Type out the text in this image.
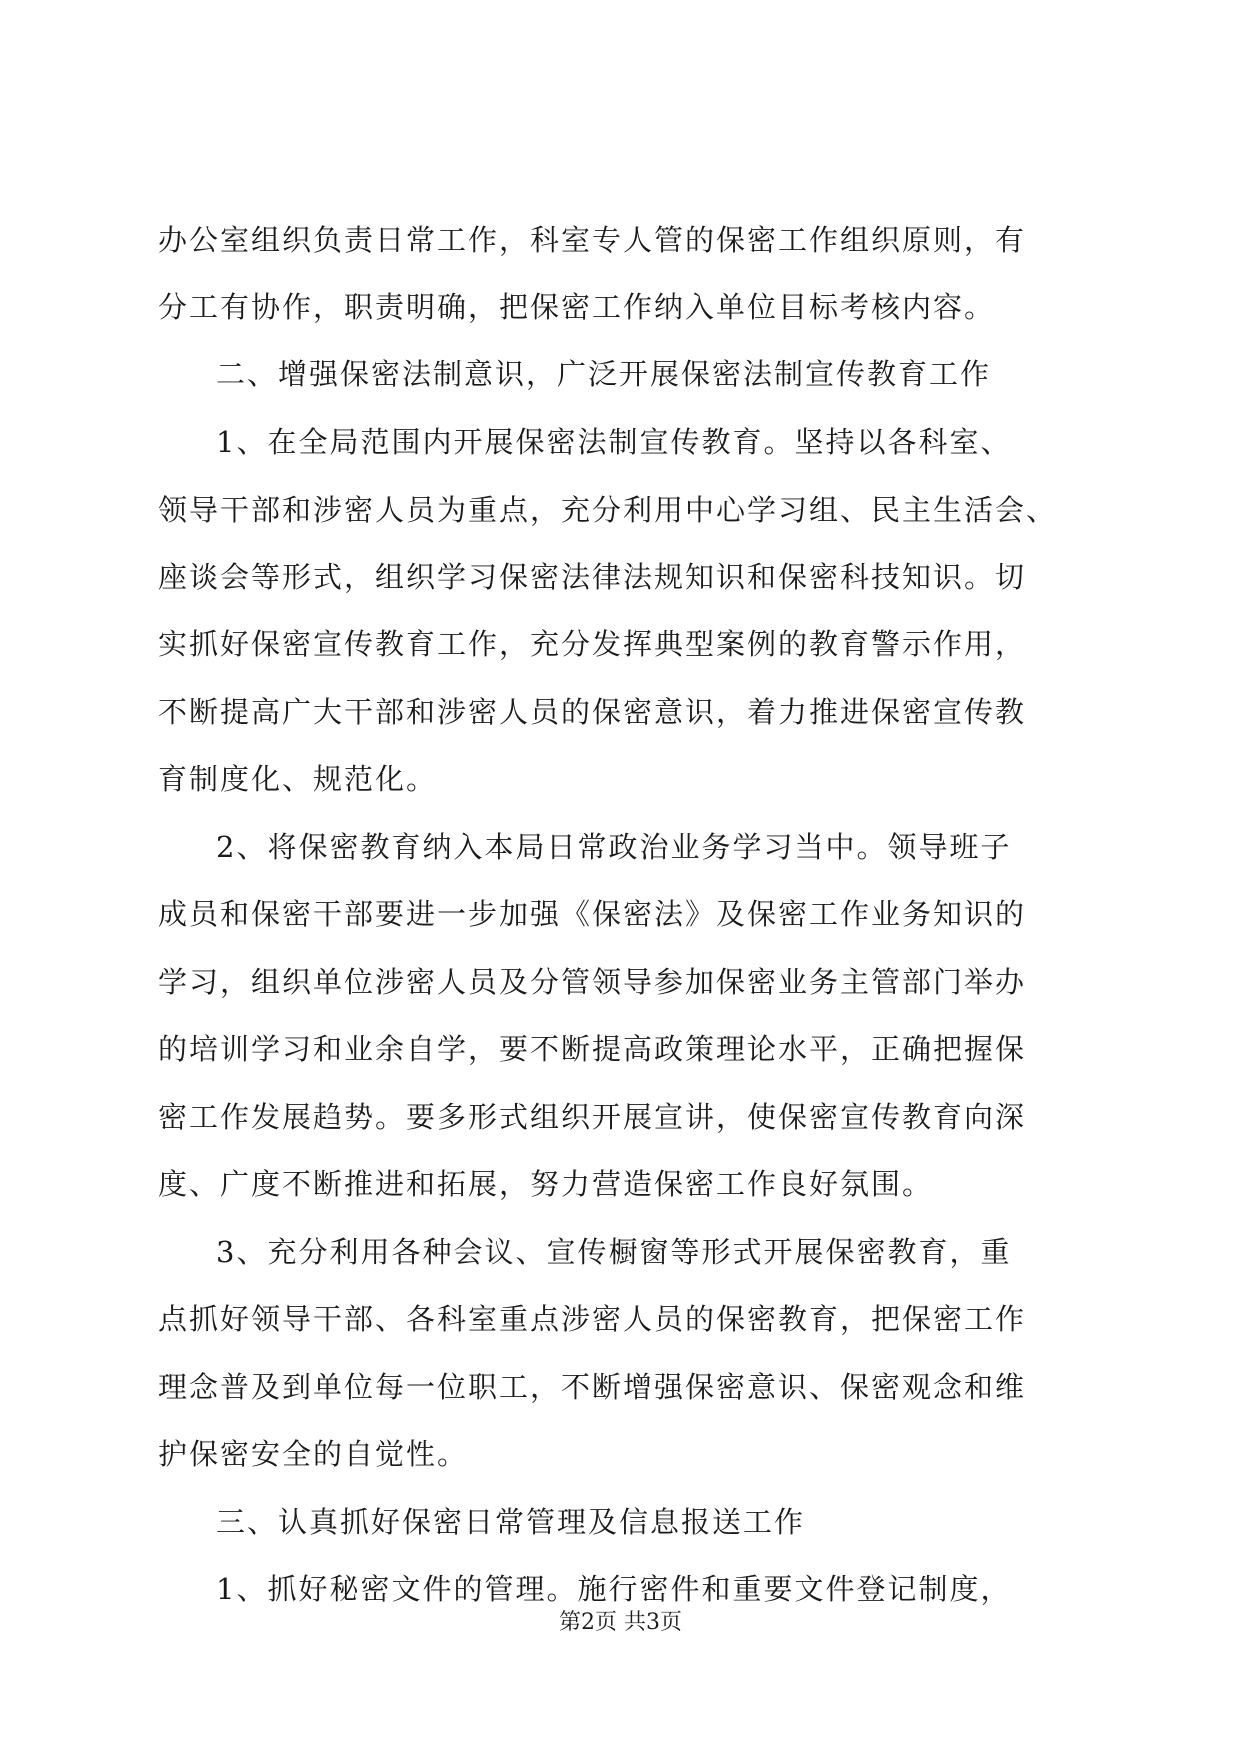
办公室组织负责日常工作，科室专人管的保密工作组织原则，有
分工有协作，职责明确，把保密工作纳入单位目标考核内容。
二、增强保密法制意识，广泛开展保密法制宣传教育工作
1、在全局范围内开展保密法制宣传教育。坚持以各科室、
领导干部和涉密人员为重点，充分利用中心学习组、民主生活会、
座谈会等形式，组织学习保密法律法规知识和保密科技知识。切
实抓好保密宣传教育工作，充分发挥典型案例的教育警示作用，
不断提高广大干部和涉密人员的保密意识，着力推进保密宣传教
育制度化、规范化。
2、将保密教育纳入本局日常政治业务学习当中。领导班子
成员和保密干部要进一步加强《保密法》及保密工作业务知识的
学习，组织单位涉密人员及分管领导参加保密业务主管部门举办
的培训学习和业余自学，要不断提高政策理论水平，正确把握保
密工作发展趋势。要多形式组织开展宣讲，使保密宣传教育向深
度、广度不断推进和拓展，努力营造保密工作良好氛围。
3、充分利用各种会议、宣传橱窗等形式开展保密教育，重
点抓好领导干部、各科室重点涉密人员的保密教育，把保密工作
理念普及到单位每一位职工，不断增强保密意识、保密观念和维
护保密安全的自觉性。
三、认真抓好保密日常管理及信息报送工作
1、抓好秘密文件的管理。施行密件和重要文件登记制度，
第2页 共3页
